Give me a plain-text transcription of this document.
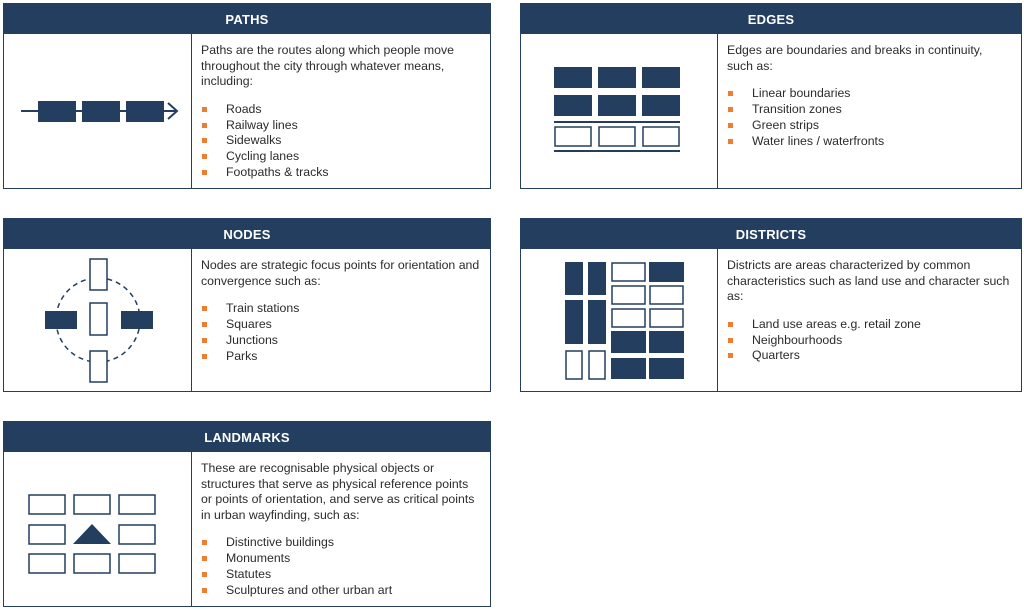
PATHS

Paths are the routes along which people move throughout the city through whatever means, including:

Roads
Railway lines
Sidewalks
Cycling lanes
Footpaths & tracks
EDGES

Edges are boundaries and breaks in continuity, such as:

Linear boundaries
Transition zones
Green strips
Water lines / waterfronts
NODES

Nodes are strategic focus points for orientation and convergence such as:

Train stations
Squares
Junctions
Parks
DISTRICTS

Districts are areas characterized by common characteristics such as land use and character such as:

Land use areas e.g. retail zone
Neighbourhoods
Quarters
LANDMARKS

These are recognisable physical objects or structures that serve as physical reference points or points of orientation, and serve as critical points in urban wayfinding, such as:

Distinctive buildings
Monuments
Statutes
Sculptures and other urban art
